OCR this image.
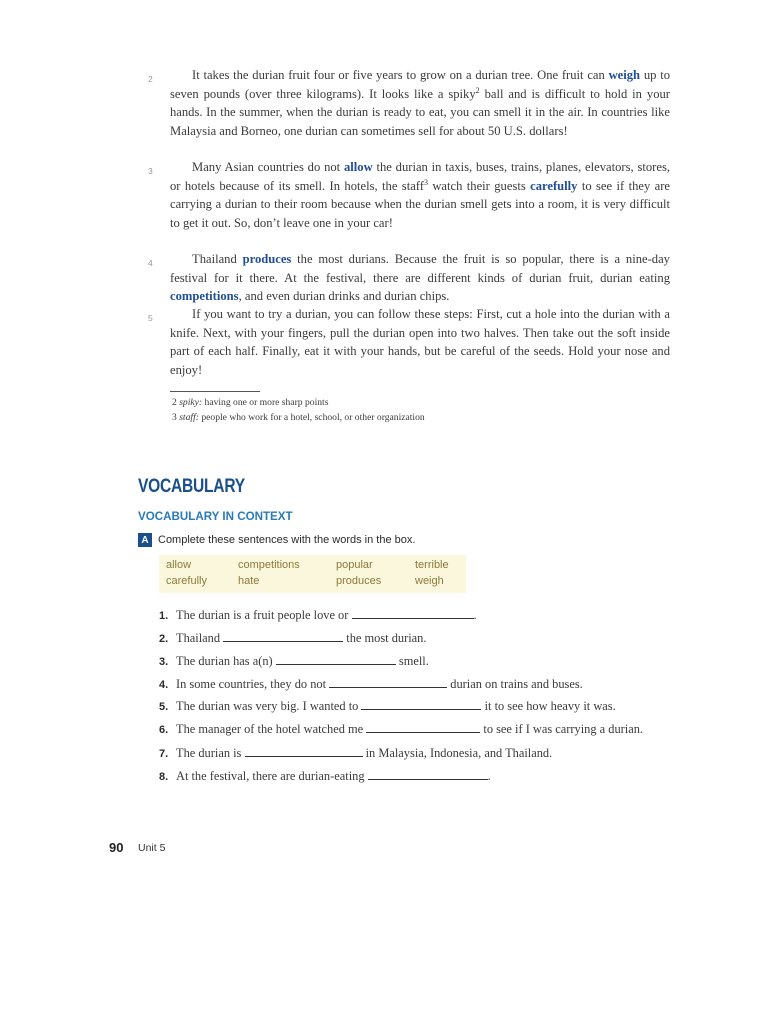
2	It takes the durian fruit four or five years to grow on a durian tree. One fruit can weigh up to seven pounds (over three kilograms). It looks like a spiky$^2$ ball and is difficult to hold in your hands. In the summer, when the durian is ready to eat, you can smell it in the air. In countries like Malaysia and Borneo, one durian can sometimes sell for about 50 U.S. dollars!

3	Many Asian countries do not allow the durian in taxis, buses, trains, planes, elevators, stores, or hotels because of its smell. In hotels, the staff$^3$ watch their guests carefully to see if they are carrying a durian to their room because when the durian smell gets into a room, it is very difficult to get it out. So, don’t leave one in your car!

4	Thailand produces the most durians. Because the fruit is so popular, there is a nine-day festival for it there. At the festival, there are different kinds of durian fruit, durian eating competitions, and even durian drinks and durian chips.

5	If you want to try a durian, you can follow these steps: First, cut a hole into the durian with a knife. Next, with your fingers, pull the durian open into two halves. Then take out the soft inside part of each half. Finally, eat it with your hands, but be careful of the seeds. Hold your nose and enjoy!

2 spiky: having one or more sharp points
3 staff: people who work for a hotel, school, or other organization
VOCABULARY
VOCABULARY IN CONTEXT
A Complete these sentences with the words in the box.
allow	competitions	popular	terrible
carefully	hate	produces	weigh
1. The durian is a fruit people love or	.
2. Thailand	the most durian.
3. The durian has a(n)	smell.
4. In some countries, they do not	durian on trains and buses.
5. The durian was very big. I wanted to	it to see how heavy it was.
6. The manager of the hotel watched me	to see if I was carrying a durian.
7. The durian is	in Malaysia, Indonesia, and Thailand.
8. At the festival, there are durian-eating	.
90 Unit 5
